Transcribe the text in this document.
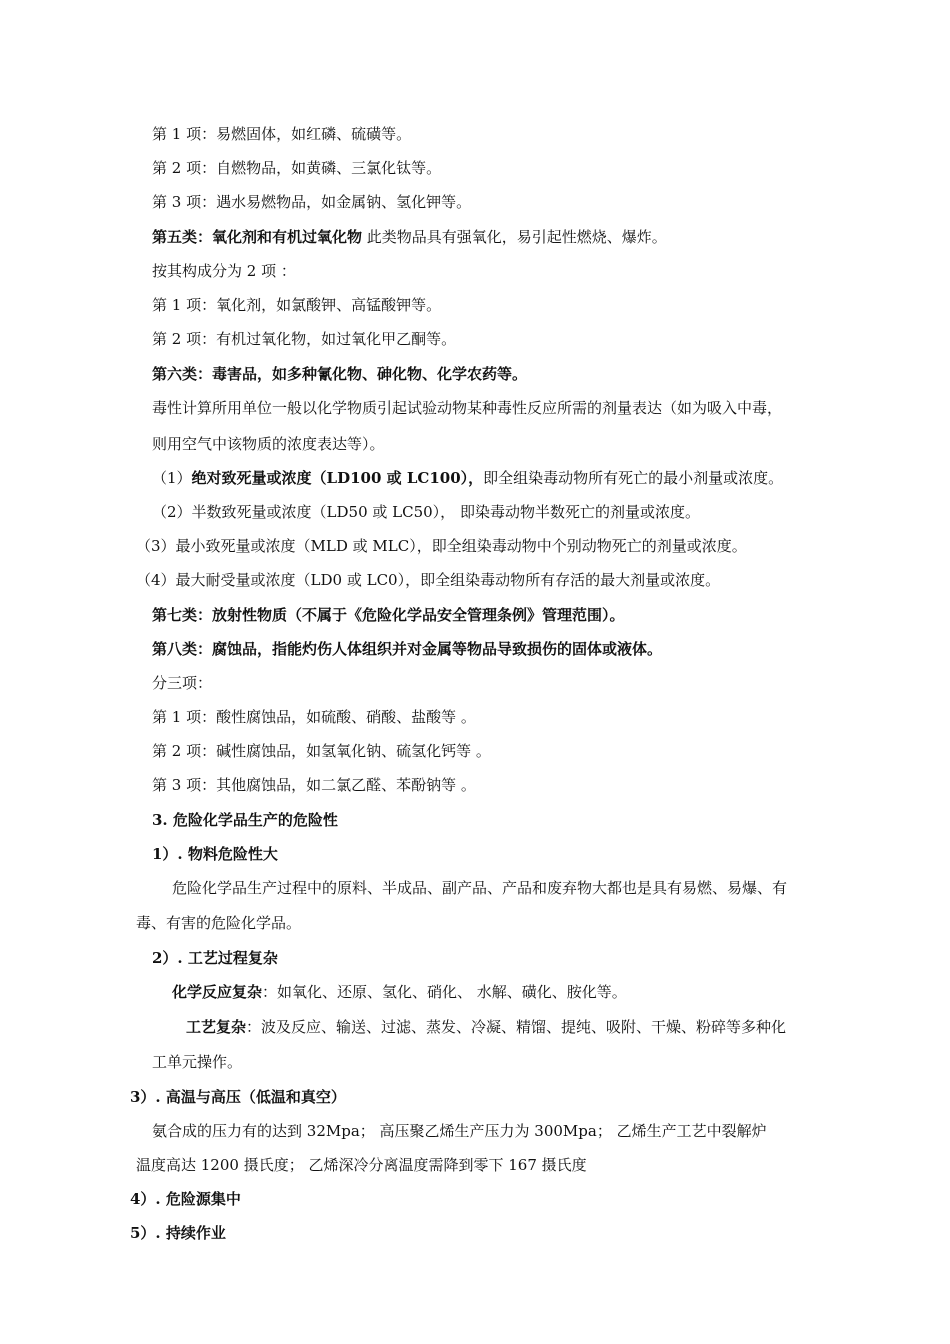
第 1 项：易燃固体，如红磷、硫磺等。
第 2 项：自燃物品，如黄磷、三氯化钛等。
第 3 项：遇水易燃物品，如金属钠、氢化钾等。
第五类：氧化剂和有机过氧化物 此类物品具有强氧化，易引起性燃烧、爆炸。
按其构成分为 2 项 ：
第 1 项：氧化剂，如氯酸钾、高锰酸钾等。
第 2 项：有机过氧化物，如过氧化甲乙酮等。
第六类：毒害品，如多种氰化物、砷化物、化学农药等。
毒性计算所用单位一般以化学物质引起试验动物某种毒性反应所需的剂量表达（如为吸入中毒，
则用空气中该物质的浓度表达等）。
（1）绝对致死量或浓度（LD100 或 LC100），即全组染毒动物所有死亡的最小剂量或浓度。
（2）半数致死量或浓度（LD50 或 LC50）， 即染毒动物半数死亡的剂量或浓度。
（3）最小致死量或浓度（MLD 或 MLC），即全组染毒动物中个别动物死亡的剂量或浓度。
（4）最大耐受量或浓度（LD0 或 LC0），即全组染毒动物所有存活的最大剂量或浓度。
第七类：放射性物质（不属于《危险化学品安全管理条例》管理范围）。
第八类：腐蚀品，指能灼伤人体组织并对金属等物品导致损伤的固体或液体。
分三项：
第 1 项：酸性腐蚀品，如硫酸、硝酸、盐酸等 。
第 2 项：碱性腐蚀品，如氢氧化钠、硫氢化钙等 。
第 3 项：其他腐蚀品，如二氯乙醛、苯酚钠等 。
3. 危险化学品生产的危险性
1）. 物料危险性大
危险化学品生产过程中的原料、半成品、副产品、产品和废弃物大都也是具有易燃、易爆、有
毒、有害的危险化学品。
2）. 工艺过程复杂
化学反应复杂：如氧化、还原、氢化、硝化、 水解、磺化、胺化等。
工艺复杂：波及反应、输送、过滤、蒸发、冷凝、精馏、提纯、吸附、干燥、粉碎等多种化
工单元操作。
3）. 高温与高压（低温和真空）
氨合成的压力有的达到 32Mpa； 高压聚乙烯生产压力为 300Mpa； 乙烯生产工艺中裂解炉
温度高达 1200 摄氏度； 乙烯深冷分离温度需降到零下 167 摄氏度
4）. 危险源集中
5）. 持续作业
